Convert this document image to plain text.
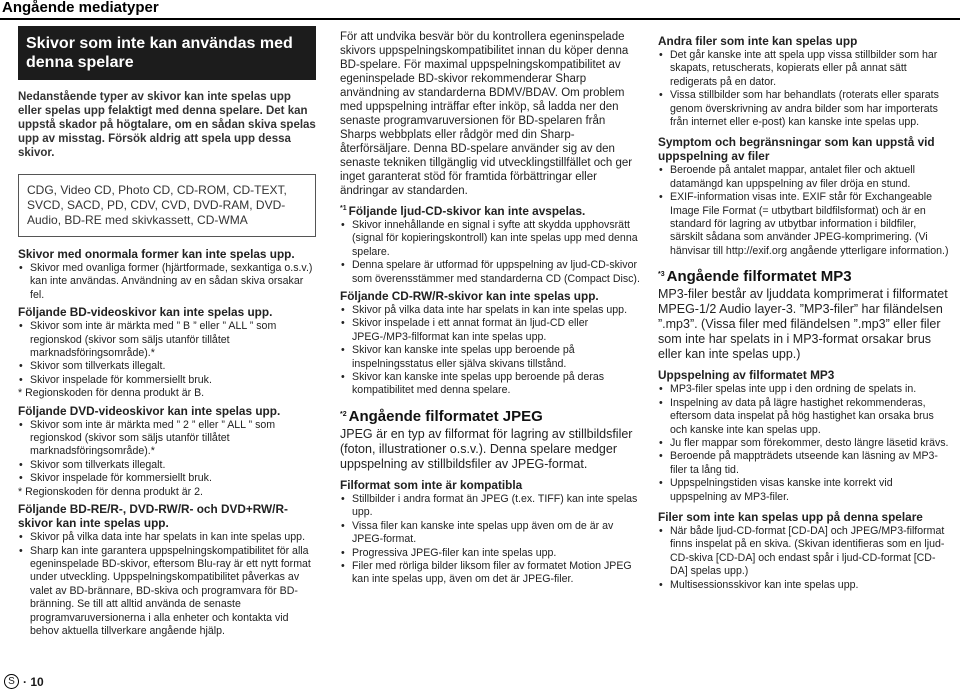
Angående mediatyper
Skivor som inte kan användas med denna spelare

Nedanstående typer av skivor kan inte spelas upp eller spelas upp felaktigt med denna spelare. Det kan uppstå skador på högtalare, om en sådan skiva spelas upp av misstag. Försök aldrig att spela upp dessa skivor.

CDG, Video CD, Photo CD, CD-ROM, CD-TEXT, SVCD, SACD, PD, CDV, CVD, DVD-RAM, DVD-Audio, BD-RE med skivkassett, CD-WMA
Skivor med onormala former kan inte spelas upp.
• Skivor med ovanliga former (hjärtformade, sexkantiga o.s.v.) kan inte användas. Användning av en sådan skiva orsakar fel.
Följande BD-videoskivor kan inte spelas upp.
• Skivor som inte är märkta med ” B ” eller ” ALL ” som regionskod (skivor som säljs utanför tillåtet marknadsföringsområde).*
• Skivor som tillverkats illegalt.
• Skivor inspelade för kommersiellt bruk.
* Regionskoden för denna produkt är B.
Följande DVD-videoskivor kan inte spelas upp.
• Skivor som inte är märkta med ” 2 ” eller ” ALL ” som regionskod (skivor som säljs utanför tillåtet marknadsföringsområde).*
• Skivor som tillverkats illegalt.
• Skivor inspelade för kommersiellt bruk.
* Regionskoden för denna produkt är 2.
Följande BD-RE/R-, DVD-RW/R- och DVD+RW/R-skivor kan inte spelas upp.
• Skivor på vilka data inte har spelats in kan inte spelas upp.
• Sharp kan inte garantera uppspelningskompatibilitet för alla egeninspelade BD-skivor, eftersom Blu-ray är ett nytt format under utveckling. Uppspelningskompatibilitet påverkas av valet av BD-brännare, BD-skiva och programvara för BD-bränning. Se till att alltid använda de senaste programvaruversionerna i alla enheter och kontakta vid behov aktuella tillverkare angående hjälp.

För att undvika besvär bör du kontrollera egeninspelade skivors uppspelningskompatibilitet innan du köper denna BD-spelare. För maximal uppspelningskompatibilitet av egeninspelade BD-skivor rekommenderar Sharp användning av standarderna BDMV/BDAV. Om problem med uppspelning inträffar efter inköp, så ladda ner den senaste programvaruversionen för BD-spelaren från Sharps webbplats eller rådgör med din Sharp-återförsäljare. Denna BD-spelare använder sig av den senaste tekniken tillgänglig vid utvecklingstillfället och ger inget garanterat stöd för framtida förbättringar eller ändringar av standarden.

$^{*1}$ Följande ljud-CD-skivor kan inte avspelas.
• Skivor innehållande en signal i syfte att skydda upphovsrätt (signal för kopieringskontroll) kan inte spelas upp med denna spelare.
• Denna spelare är utformad för uppspelning av ljud-CD-skivor som överensstämmer med standarderna CD (Compact Disc).
Följande CD-RW/R-skivor kan inte spelas upp.
• Skivor på vilka data inte har spelats in kan inte spelas upp.
• Skivor inspelade i ett annat format än ljud-CD eller JPEG-/MP3-filformat kan inte spelas upp.
• Skivor kan kanske inte spelas upp beroende på inspelningsstatus eller själva skivans tillstånd.
• Skivor kan kanske inte spelas upp beroende på deras kompatibilitet med denna spelare.
$^{*2}$ Angående filformatet JPEG

JPEG är en typ av filformat för lagring av stillbildsfiler (foton, illustrationer o.s.v.). Denna spelare medger uppspelning av stillbildsfiler av JPEG-format.

Filformat som inte är kompatibla
• Stillbilder i andra format än JPEG (t.ex. TIFF) kan inte spelas upp.
• Vissa filer kan kanske inte spelas upp även om de är av JPEG-format.
• Progressiva JPEG-filer kan inte spelas upp.
• Filer med rörliga bilder liksom filer av formatet Motion JPEG kan inte spelas upp, även om det är JPEG-filer.
Andra filer som inte kan spelas upp
• Det går kanske inte att spela upp vissa stillbilder som har skapats, retuscherats, kopierats eller på annat sätt redigerats på en dator.
• Vissa stillbilder som har behandlats (roterats eller sparats genom överskrivning av andra bilder som har importerats från internet eller e-post) kan kanske inte spelas upp.
Symptom och begränsningar som kan uppstå vid uppspelning av filer
• Beroende på antalet mappar, antalet filer och aktuell datamängd kan uppspelning av filer dröja en stund.
• EXIF-information visas inte. EXIF står för Exchangeable Image File Format (= utbytbart bildfilsformat) och är en standard för lagring av utbytbar information i bildfiler, särskilt sådana som använder JPEG-komprimering. (Vi hänvisar till http://exif.org angående ytterligare information.)
$^{*3}$ Angående filformatet MP3

MP3-filer består av ljuddata komprimerat i filformatet MPEG-1/2 Audio layer-3. ”MP3-filer” har filändelsen ”.mp3”. (Vissa filer med filändelsen ”.mp3” eller filer som inte har spelats in i MP3-format orsakar brus eller kan inte spelas upp.)

Uppspelning av filformatet MP3
• MP3-filer spelas inte upp i den ordning de spelats in.
• Inspelning av data på lägre hastighet rekommenderas, eftersom data inspelat på hög hastighet kan orsaka brus och kanske inte kan spelas upp.
• Ju fler mappar som förekommer, desto längre läsetid krävs.
• Beroende på mappträdets utseende kan läsning av MP3-filer ta lång tid.
• Uppspelningstiden visas kanske inte korrekt vid uppspelning av MP3-filer.
Filer som inte kan spelas upp på denna spelare
• När både ljud-CD-format [CD-DA] och JPEG/MP3-filformat finns inspelat på en skiva. (Skivan identifieras som en ljud-CD-skiva [CD-DA] och endast spår i ljud-CD-format [CD-DA] spelas upp.)
• Multisessionsskivor kan inte spelas upp.
S · 10
